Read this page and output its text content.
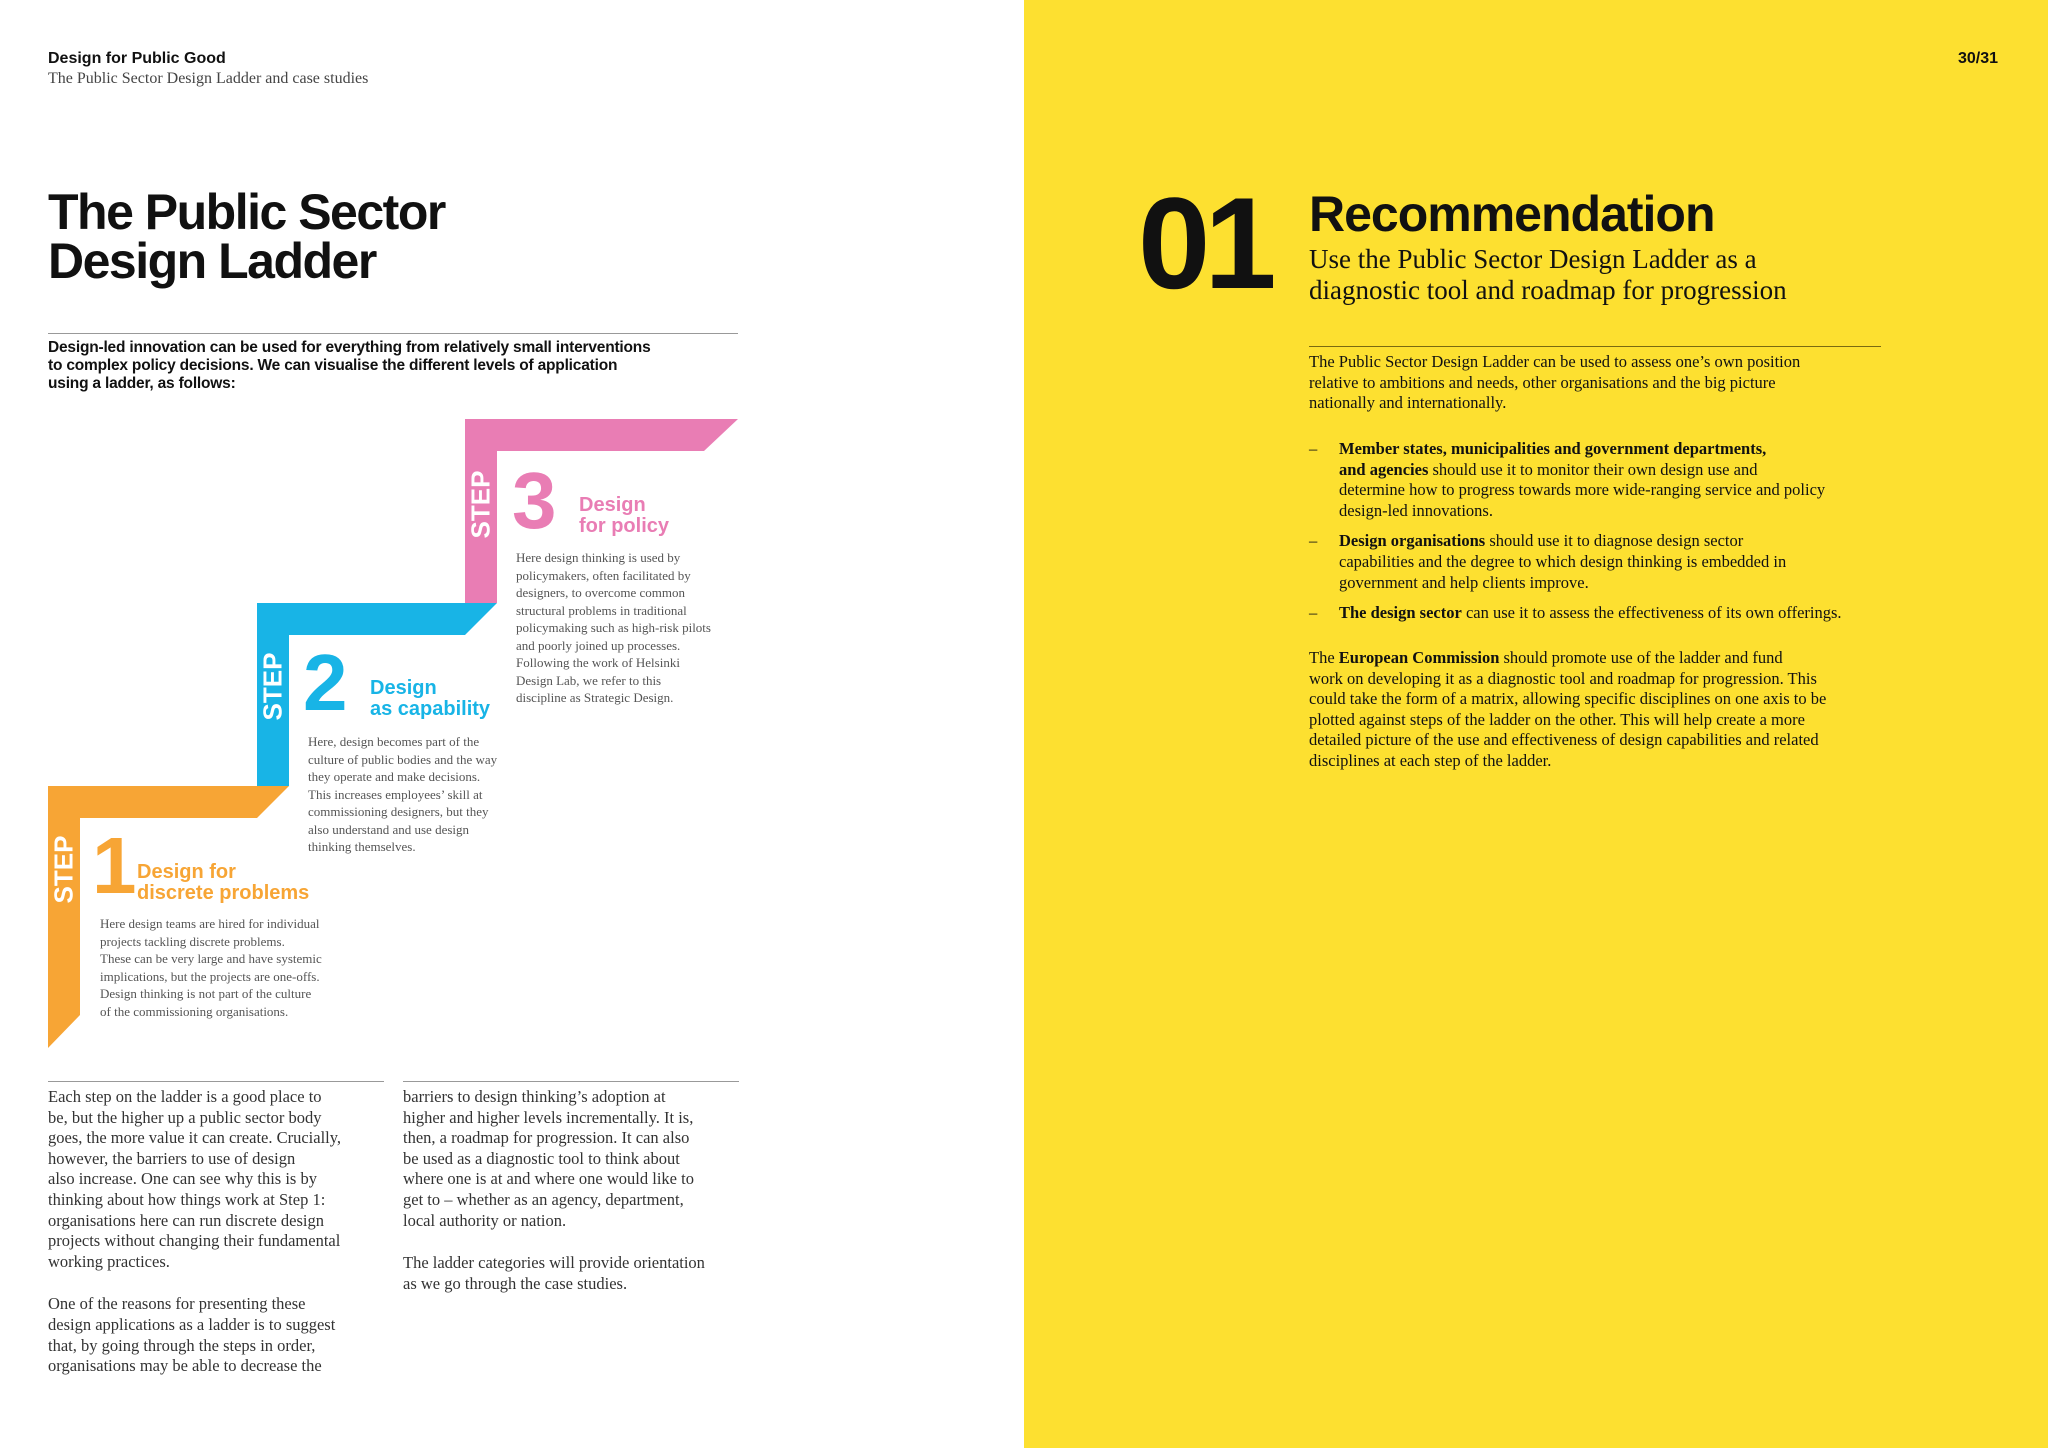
Design for Public Good
The Public Sector Design Ladder and case studies
The Public Sector
Design Ladder
Design-led innovation can be used for everything from relatively small interventions
to complex policy decisions. We can visualise the different levels of application
using a ladder, as follows:
STEP 3 Design
for policy
Here design thinking is used by
policymakers, often facilitated by
designers, to overcome common
structural problems in traditional
policymaking such as high-risk pilots
and poorly joined up processes.
Following the work of Helsinki
Design Lab, we refer to this
discipline as Strategic Design.
STEP 2 Design
as capability
Here, design becomes part of the
culture of public bodies and the way
they operate and make decisions.
This increases employees’ skill at
commissioning designers, but they
also understand and use design
thinking themselves.
STEP 1 Design for
discrete problems
Here design teams are hired for individual
projects tackling discrete problems.
These can be very large and have systemic
implications, but the projects are one-offs.
Design thinking is not part of the culture
of the commissioning organisations.

Each step on the ladder is a good place to
be, but the higher up a public sector body
goes, the more value it can create. Crucially,
however, the barriers to use of design
also increase. One can see why this is by
thinking about how things work at Step 1:
organisations here can run discrete design
projects without changing their fundamental
working practices.

One of the reasons for presenting these
design applications as a ladder is to suggest
that, by going through the steps in order,
organisations may be able to decrease the

barriers to design thinking’s adoption at
higher and higher levels incrementally. It is,
then, a roadmap for progression. It can also
be used as a diagnostic tool to think about
where one is at and where one would like to
get to – whether as an agency, department,
local authority or nation.

The ladder categories will provide orientation
as we go through the case studies.

30/31
01 Recommendation
Use the Public Sector Design Ladder as a
diagnostic tool and roadmap for progression
The Public Sector Design Ladder can be used to assess one’s own position
relative to ambitions and needs, other organisations and the big picture
nationally and internationally.
– Member states, municipalities and government departments,
and agencies should use it to monitor their own design use and
determine how to progress towards more wide-ranging service and policy
design-led innovations.
– Design organisations should use it to diagnose design sector
capabilities and the degree to which design thinking is embedded in
government and help clients improve.
– The design sector can use it to assess the effectiveness of its own offerings.
The European Commission should promote use of the ladder and fund
work on developing it as a diagnostic tool and roadmap for progression. This
could take the form of a matrix, allowing specific disciplines on one axis to be
plotted against steps of the ladder on the other. This will help create a more
detailed picture of the use and effectiveness of design capabilities and related
disciplines at each step of the ladder.
